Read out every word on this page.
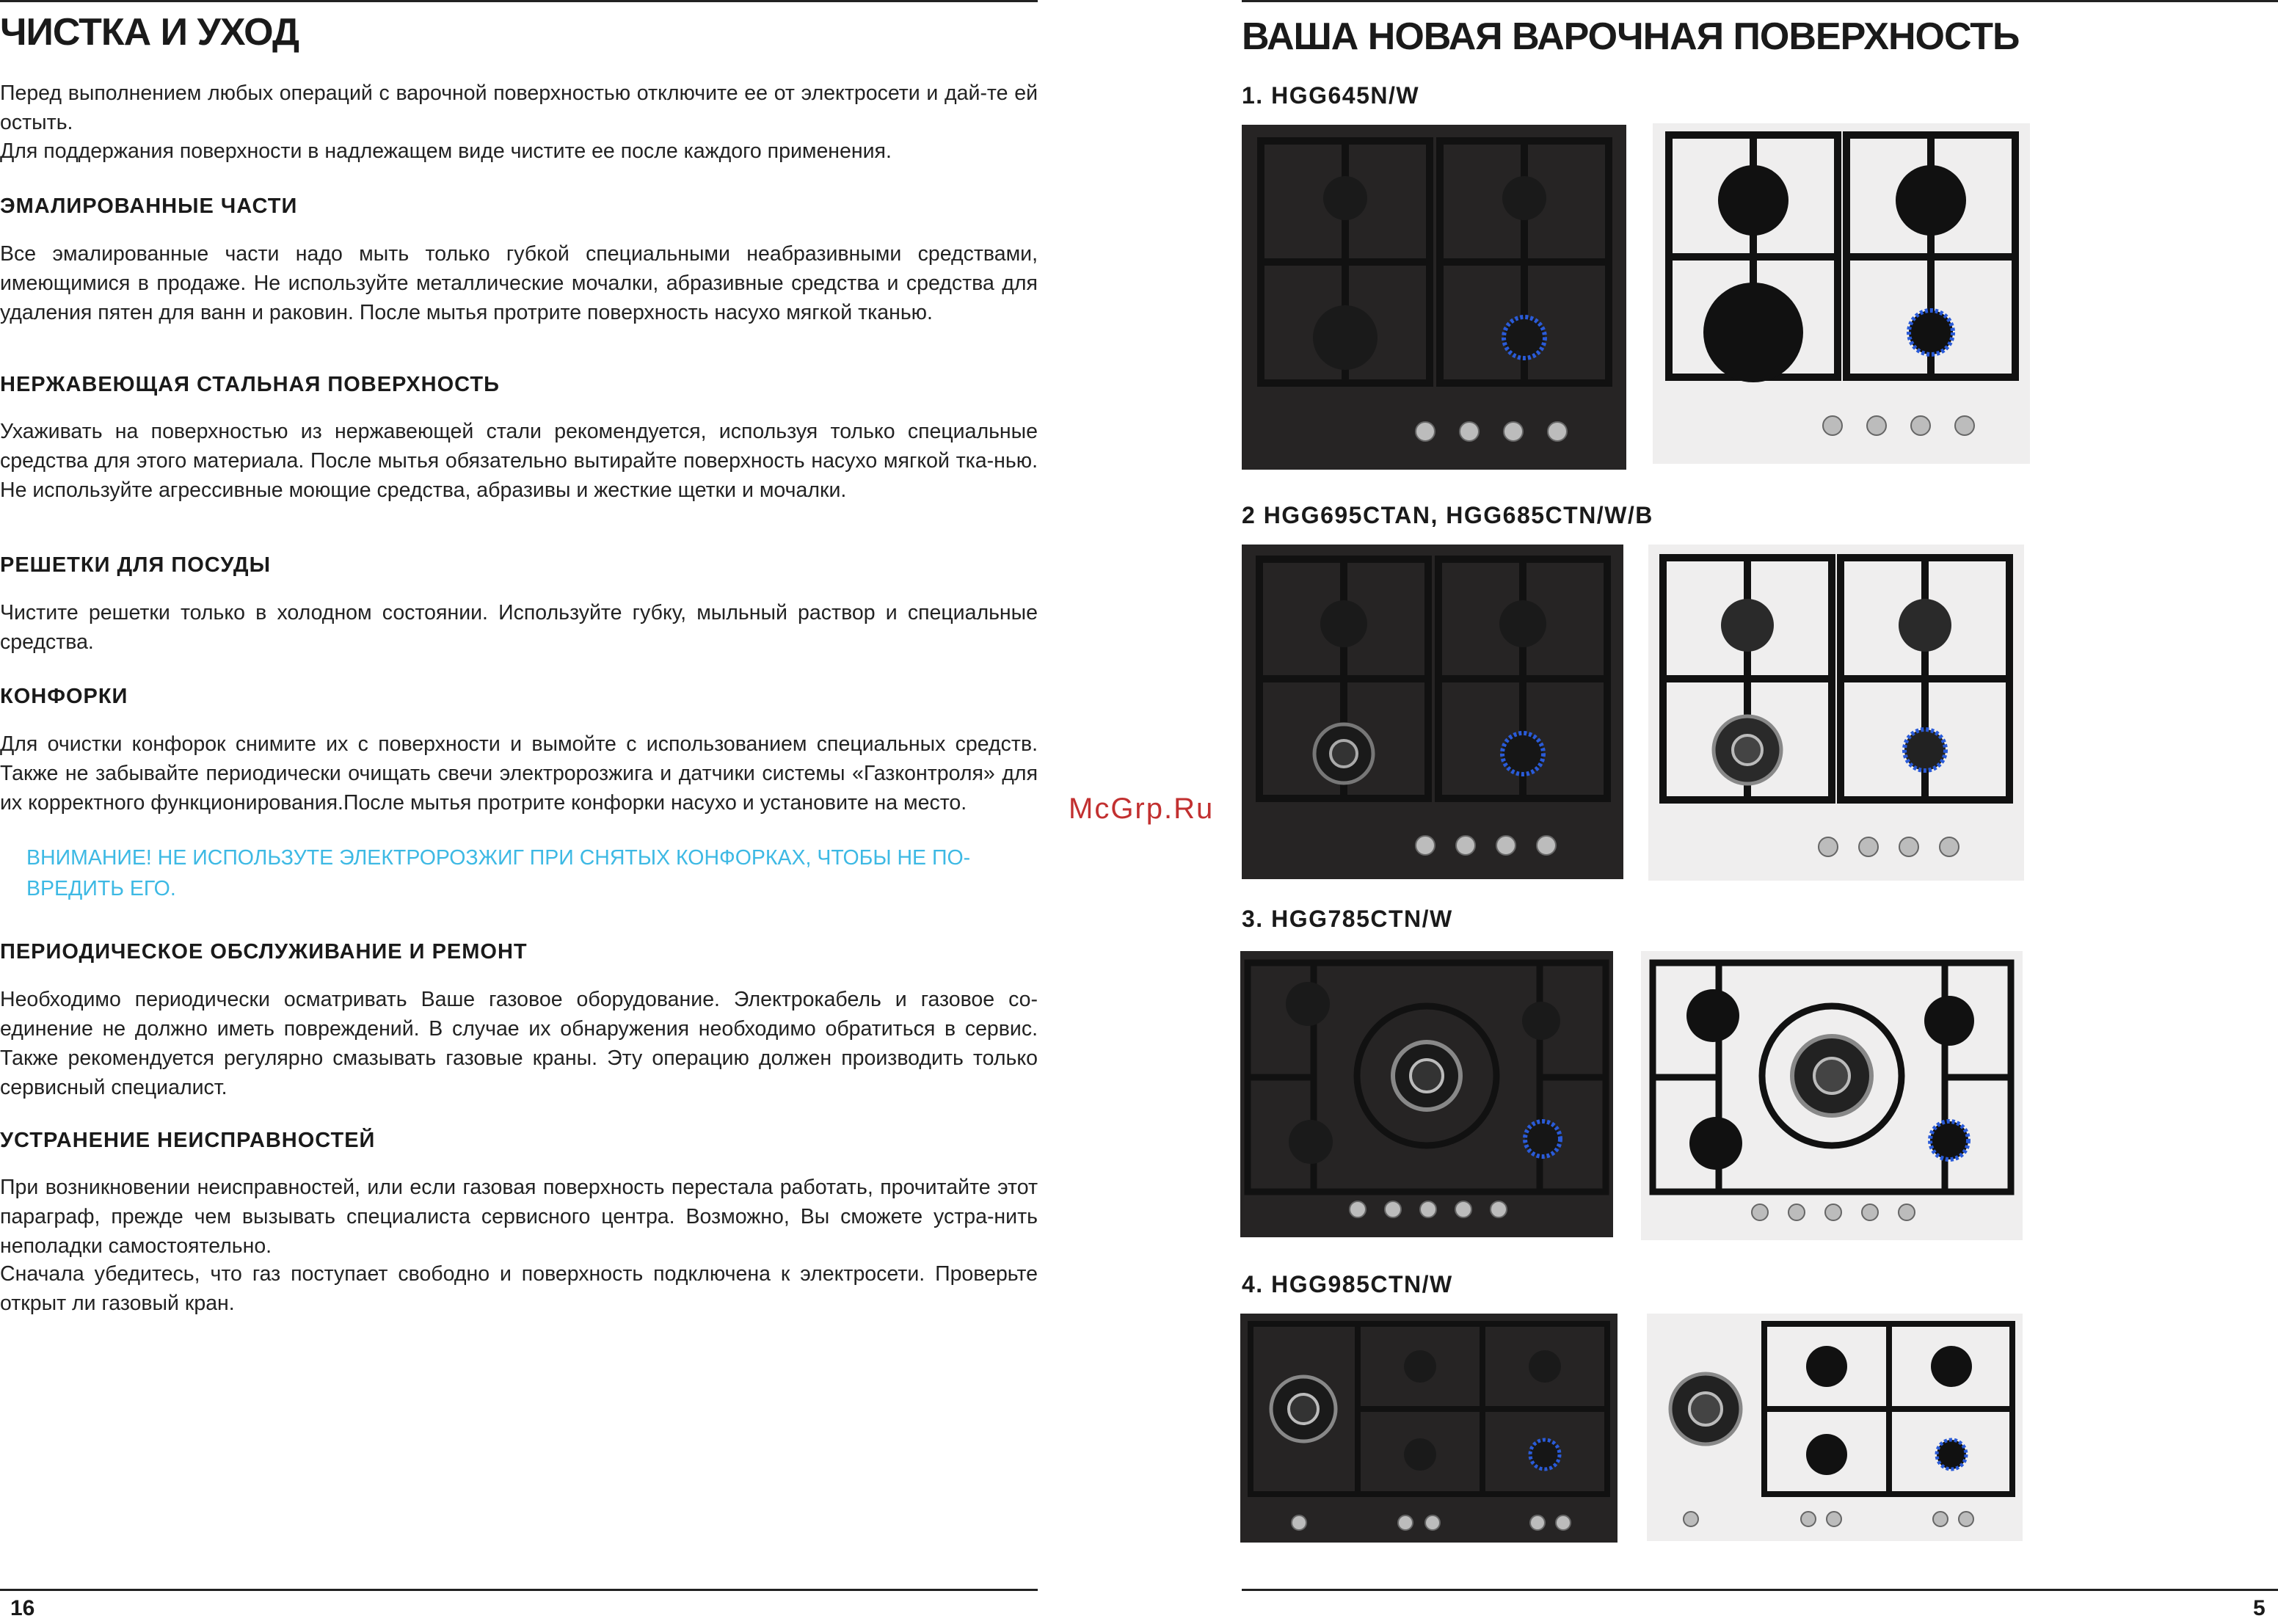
ЧИСТКА И УХОД

Перед выполнением любых операций с варочной поверхностью отключите ее от электросети и дай-те ей остыть.

Для поддержания поверхности в надлежащем виде чистите ее после каждого применения.

ЭМАЛИРОВАННЫЕ ЧАСТИ

Все эмалированные части надо мыть только губкой специальными неабразивными средствами, имеющимися в продаже. Не используйте металлические мочалки, абразивные средства и средства для удаления пятен для ванн и раковин. После мытья протрите поверхность насухо мягкой тканью.

НЕРЖАВЕЮЩАЯ СТАЛЬНАЯ ПОВЕРХНОСТЬ

Ухаживать на поверхностью из нержавеющей стали рекомендуется, используя только специальные средства для этого материала. После мытья обязательно вытирайте поверхность насухо мягкой тка-нью. Не используйте агрессивные моющие средства, абразивы и жесткие щетки и мочалки.

РЕШЕТКИ ДЛЯ ПОСУДЫ

Чистите решетки только в холодном состоянии. Используйте губку, мыльный раствор и специальные средства.

КОНФОРКИ

Для очистки конфорок снимите их с поверхности и вымойте с использованием специальных средств. Также не забывайте периодически очищать свечи электророзжига и датчики системы «Газконтроля» для их корректного функционирования.После мытья протрите конфорки насухо и установите на место.

ВНИМАНИЕ! НЕ ИСПОЛЬЗУТЕ ЭЛЕКТРОРОЗЖИГ ПРИ СНЯТЫХ КОНФОРКАХ, ЧТОБЫ НЕ ПО-ВРЕДИТЬ ЕГО.

ПЕРИОДИЧЕСКОЕ ОБСЛУЖИВАНИЕ И РЕМОНТ

Необходимо периодически осматривать Ваше газовое оборудование. Электрокабель и газовое со-единение не должно иметь повреждений. В случае их обнаружения необходимо обратиться в сервис. Также рекомендуется регулярно смазывать газовые краны. Эту операцию должен производить только сервисный специалист.

УСТРАНЕНИЕ НЕИСПРАВНОСТЕЙ

При возникновении неисправностей, или если газовая поверхность перестала работать, прочитайте этот параграф, прежде чем вызывать специалиста сервисного центра. Возможно, Вы сможете устра-нить неполадки самостоятельно.

Сначала убедитесь, что газ поступает свободно и поверхность подключена к электросети. Проверьте открыт ли газовый кран.

McGrp.Ru
ВАША НОВАЯ ВАРОЧНАЯ ПОВЕРХНОСТЬ
1. HGG645N/W
2 HGG695CTAN, HGG685CTN/W/B
3. HGG785CTN/W
4. HGG985CTN/W
16	5
